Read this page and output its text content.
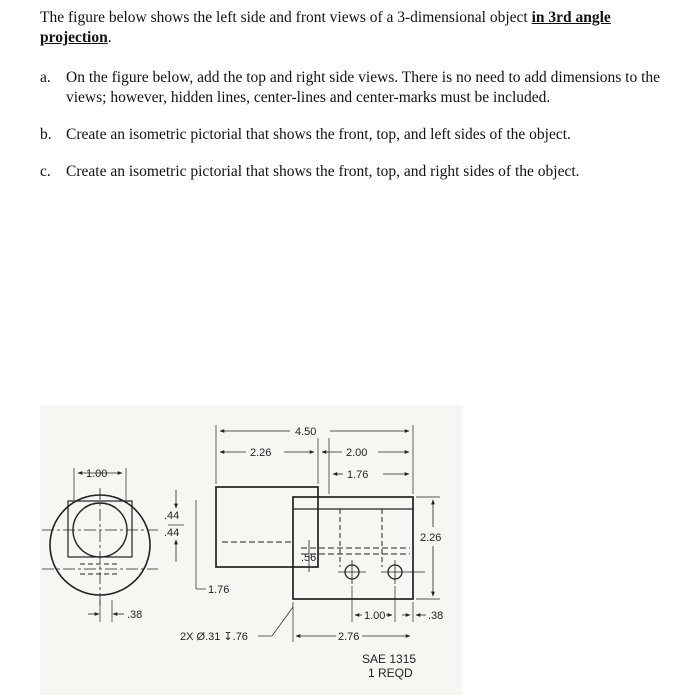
The figure below shows the left side and front views of a 3-dimensional object in 3rd angle projection.
a. On the figure below, add the top and right side views. There is no need to add dimensions to the views; however, hidden lines, center-lines and center-marks must be included.
b. Create an isometric pictorial that shows the front, top, and left sides of the object.
c. Create an isometric pictorial that shows the front, top, and right sides of the object.
1.00
.44
.44
.38
4.50
2.26	2.00
1.76
2.26
.56
1.76
1.00	.38
2.76
2X Ø.31 ↧.76
SAE 1315
1 REQD
